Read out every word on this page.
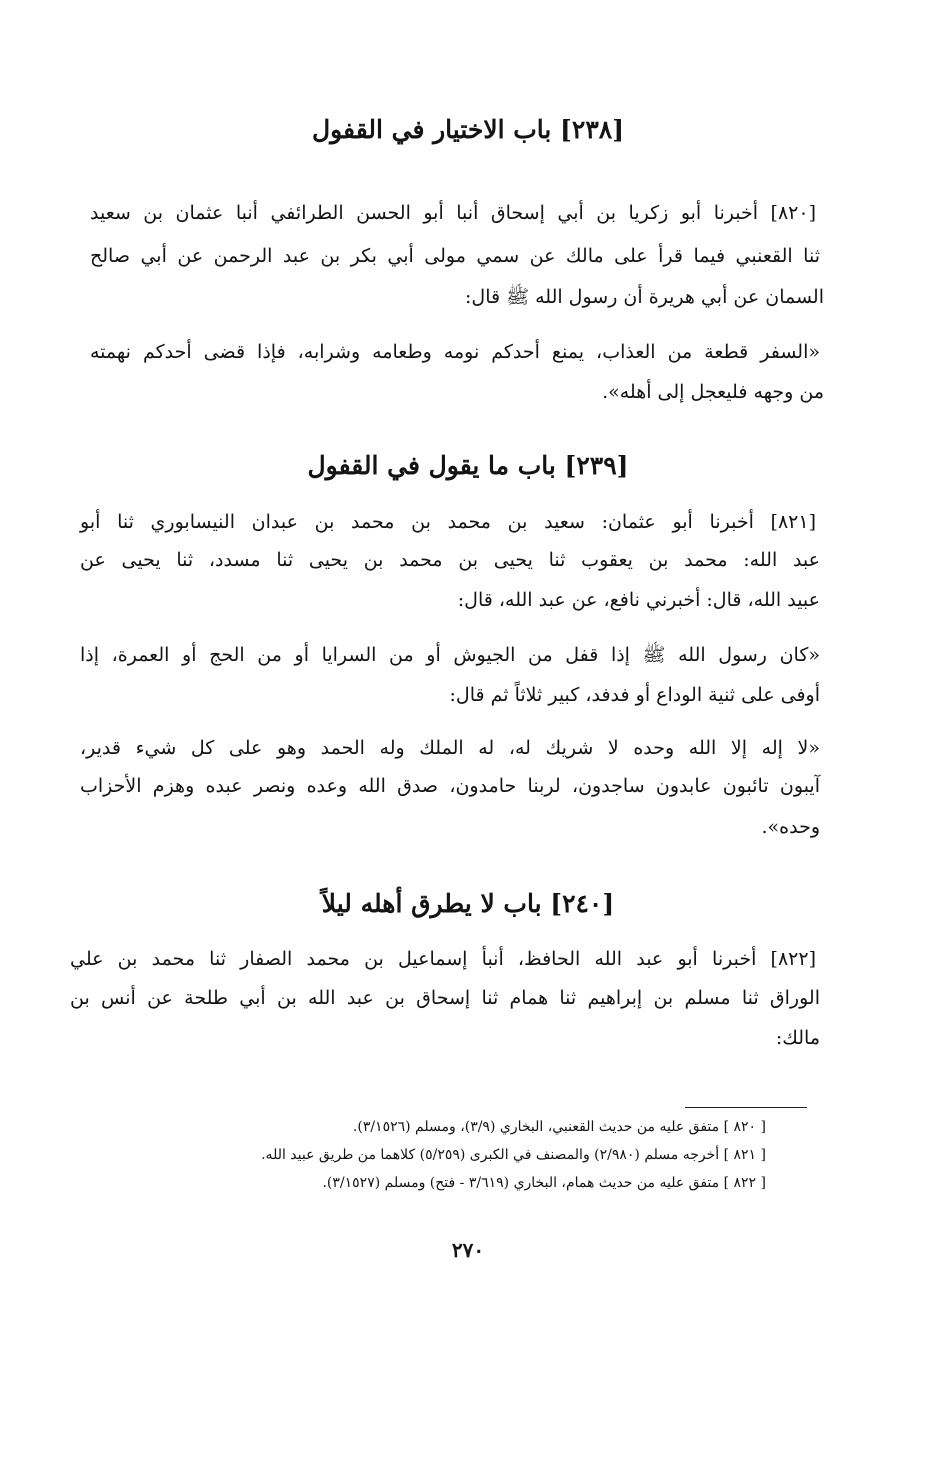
[٢٣٨] باب الاختيار في القفول

[٨٢٠] أخبرنا أبو زكريا بن أبي إسحاق أنبا أبو الحسن الطرائفي أنبا عثمان بن سعيد

ثنا القعنبي فيما قرأ على مالك عن سمي مولى أبي بكر بن عبد الرحمن عن أبي صالح

السمان عن أبي هريرة أن رسول الله ﷺ قال:

«السفر قطعة من العذاب، يمنع أحدكم نومه وطعامه وشرابه، فإذا قضى أحدكم نهمته

من وجهه فليعجل إلى أهله».

[٢٣٩] باب ما يقول في القفول

[٨٢١] أخبرنا أبو عثمان: سعيد بن محمد بن محمد بن عبدان النيسابوري ثنا أبو

عبد الله: محمد بن يعقوب ثنا يحيى بن محمد بن يحيى ثنا مسدد، ثنا يحيى عن

عبيد الله، قال: أخبرني نافع، عن عبد الله، قال:

«كان رسول الله ﷺ إذا قفل من الجيوش أو من السرايا أو من الحج أو العمرة، إذا

أوفى على ثنية الوداع أو فدفد، كبير ثلاثاً ثم قال:

«لا إله إلا الله وحده لا شريك له، له الملك وله الحمد وهو على كل شيء قدير،

آيبون تائبون عابدون ساجدون، لربنا حامدون، صدق الله وعده ونصر عبده وهزم الأحزاب

وحده».

[٢٤٠] باب لا يطرق أهله ليلاً

[٨٢٢] أخبرنا أبو عبد الله الحافظ، أنبأ إسماعيل بن محمد الصفار ثنا محمد بن علي

الوراق ثنا مسلم بن إبراهيم ثنا همام ثنا إسحاق بن عبد الله بن أبي طلحة عن أنس بن

مالك:

[ ٨٢٠ ] متفق عليه من حديث القعنبي، البخاري (٣/٩)، ومسلم (٣/١٥٢٦).

[ ٨٢١ ] أخرجه مسلم (٢/٩٨٠) والمصنف في الكبرى (٥/٢٥٩) كلاهما من طريق عبيد الله.

[ ٨٢٢ ] متفق عليه من حديث همام، البخاري (٣/٦١٩ - فتح) ومسلم (٣/١٥٢٧).

٢٧٠
